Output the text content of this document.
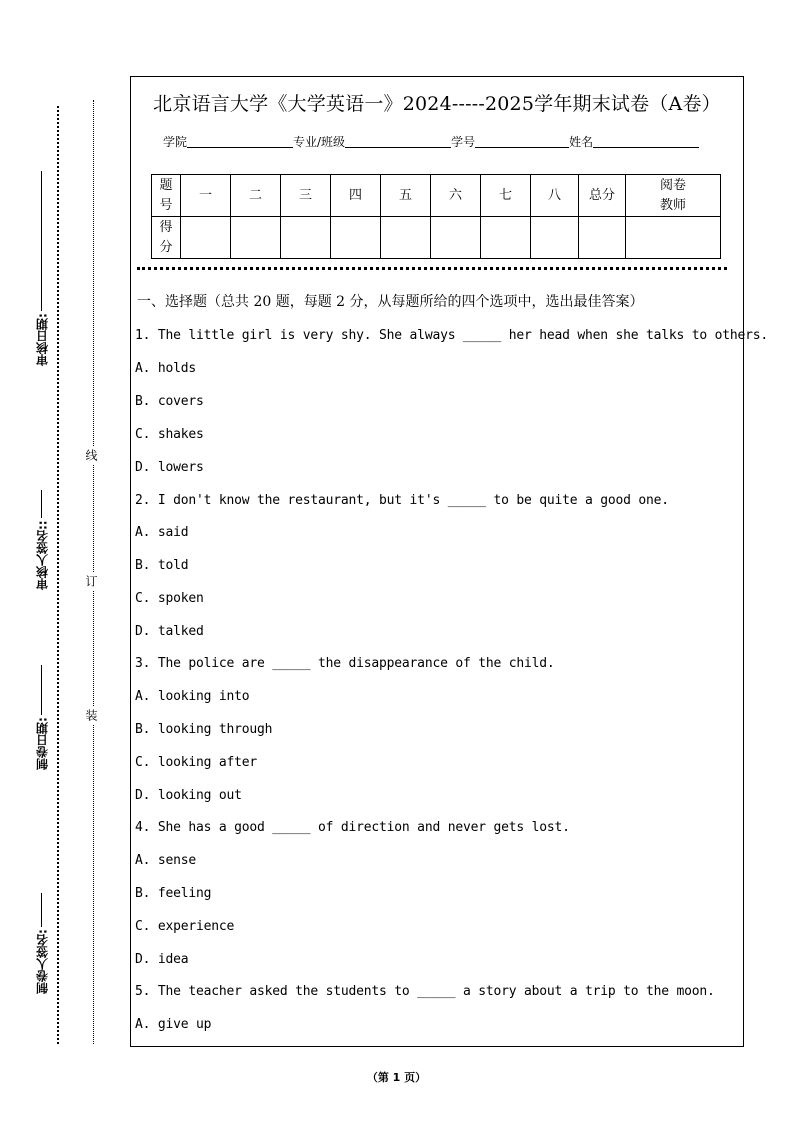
线
订
装
审核日期:
审核人签名::
制卷日期:
制卷人签名:
北京语言大学《大学英语一》2024-----2025学年期末试卷（A卷）
学院	专业/班级	学号	姓名
题号	一	二	三	四	五	六	七	八	总分	阅卷教师
得分										
一、选择题（总共 20 题，每题 2 分，从每题所给的四个选项中，选出最佳答案）
1. The little girl is very shy. She always _____ her head when she talks to others.
A. holds
B. covers
C. shakes
D. lowers
2. I don't know the restaurant, but it's _____ to be quite a good one.
A. said
B. told
C. spoken
D. talked
3. The police are _____ the disappearance of the child.
A. looking into
B. looking through
C. looking after
D. looking out
4. She has a good _____ of direction and never gets lost.
A. sense
B. feeling
C. experience
D. idea
5. The teacher asked the students to _____ a story about a trip to the moon.
A. give up
（第 1 页）
